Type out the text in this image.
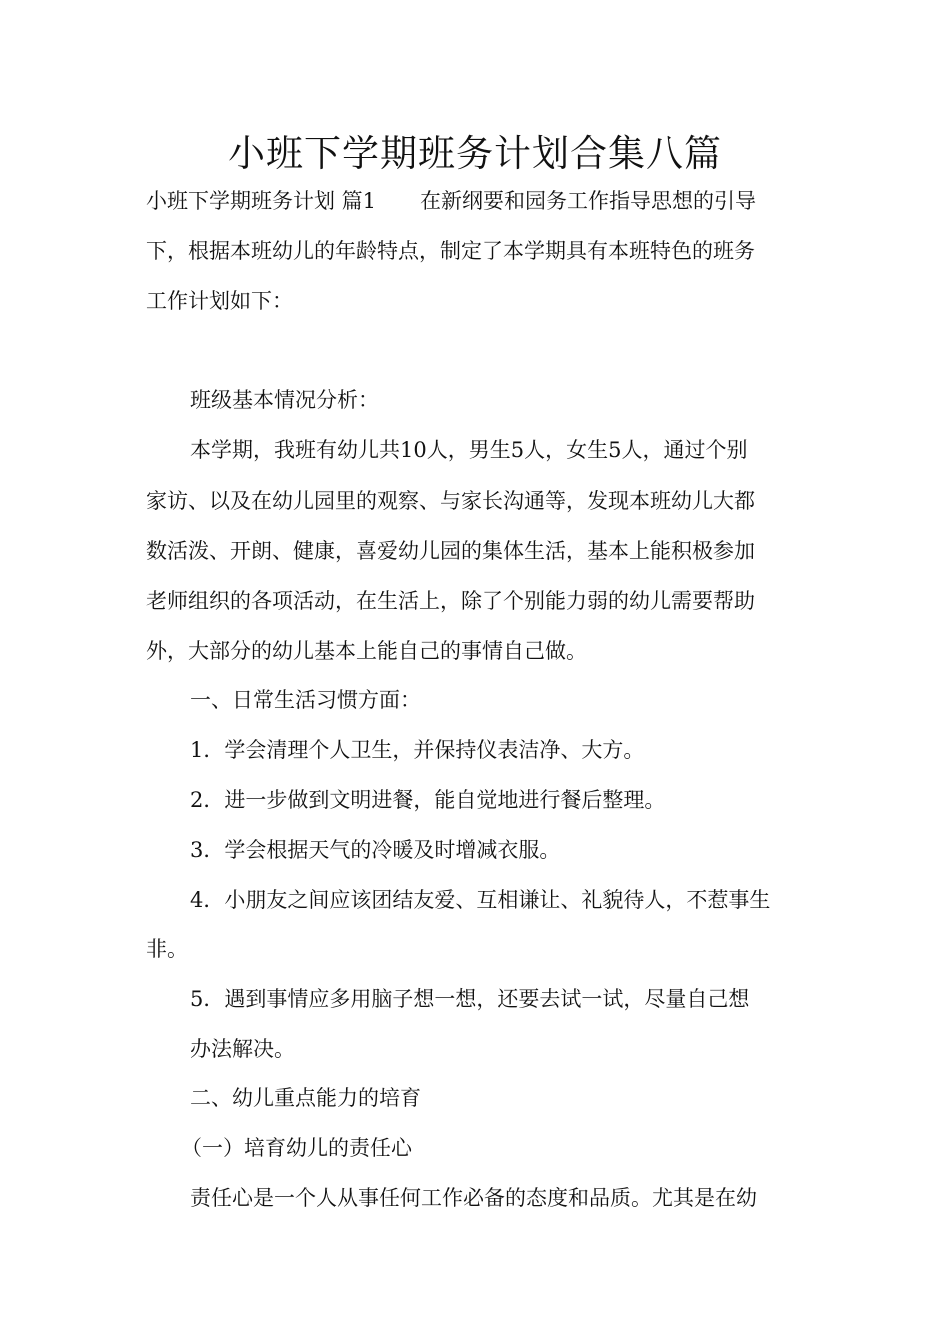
小班下学期班务计划合集八篇
小班下学期班务计划 篇1 在新纲要和园务工作指导思想的引导
下，根据本班幼儿的年龄特点，制定了本学期具有本班特色的班务
工作计划如下：
班级基本情况分析：
本学期，我班有幼儿共10人，男生5人，女生5人，通过个别
家访、以及在幼儿园里的观察、与家长沟通等，发现本班幼儿大都
数活泼、开朗、健康，喜爱幼儿园的集体生活，基本上能积极参加
老师组织的各项活动，在生活上，除了个别能力弱的幼儿需要帮助
外，大部分的幼儿基本上能自己的事情自己做。
一、日常生活习惯方面：
1．学会清理个人卫生，并保持仪表洁净、大方。
2．进一步做到文明进餐，能自觉地进行餐后整理。
3．学会根据天气的冷暖及时增减衣服。
4．小朋友之间应该团结友爱、互相谦让、礼貌待人，不惹事生
非。
5．遇到事情应多用脑子想一想，还要去试一试，尽量自己想
办法解决。
二、幼儿重点能力的培育
（一）培育幼儿的责任心
责任心是一个人从事任何工作必备的态度和品质。尤其是在幼
